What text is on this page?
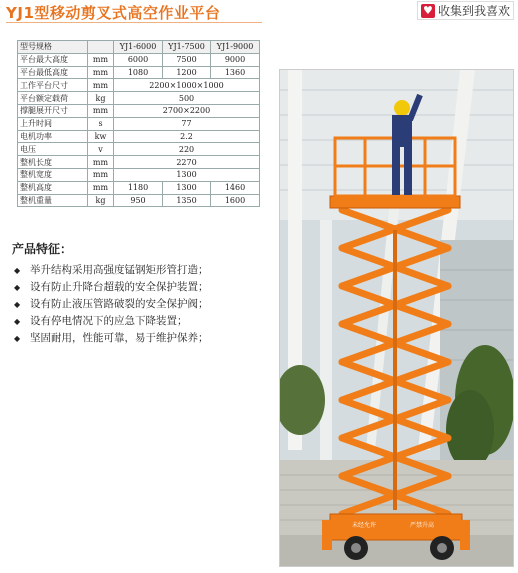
YJ1型移动剪叉式高空作业平台	♥ 收集到我喜欢
型号规格		YJ1-6000	YJ1-7500	YJ1-9000
平台最大高度	mm	6000	7500	9000
平台最低高度	mm	1080	1200	1360
工作平台尺寸	mm	2200×1000×1000		
平台额定载荷	kg	500		
撑腿展开尺寸	mm	2700×2200		
上升时间	s	77		
电机功率	kw	2.2		
电压	v	220		
整机长度	mm	2270		
整机宽度	mm	1300		
整机高度	mm	1180	1300	1460
整机重量	kg	950	1350	1600
产品特征：
◆ 举升结构采用高强度锰钢矩形管打造；
◆ 设有防止升降台超载的安全保护装置；
◆ 设有防止液压管路破裂的安全保护阀；
◆ 设有停电情况下的应急下降装置；
◆ 坚固耐用，性能可靠，易于维护保养；
未经允许	严禁升高
